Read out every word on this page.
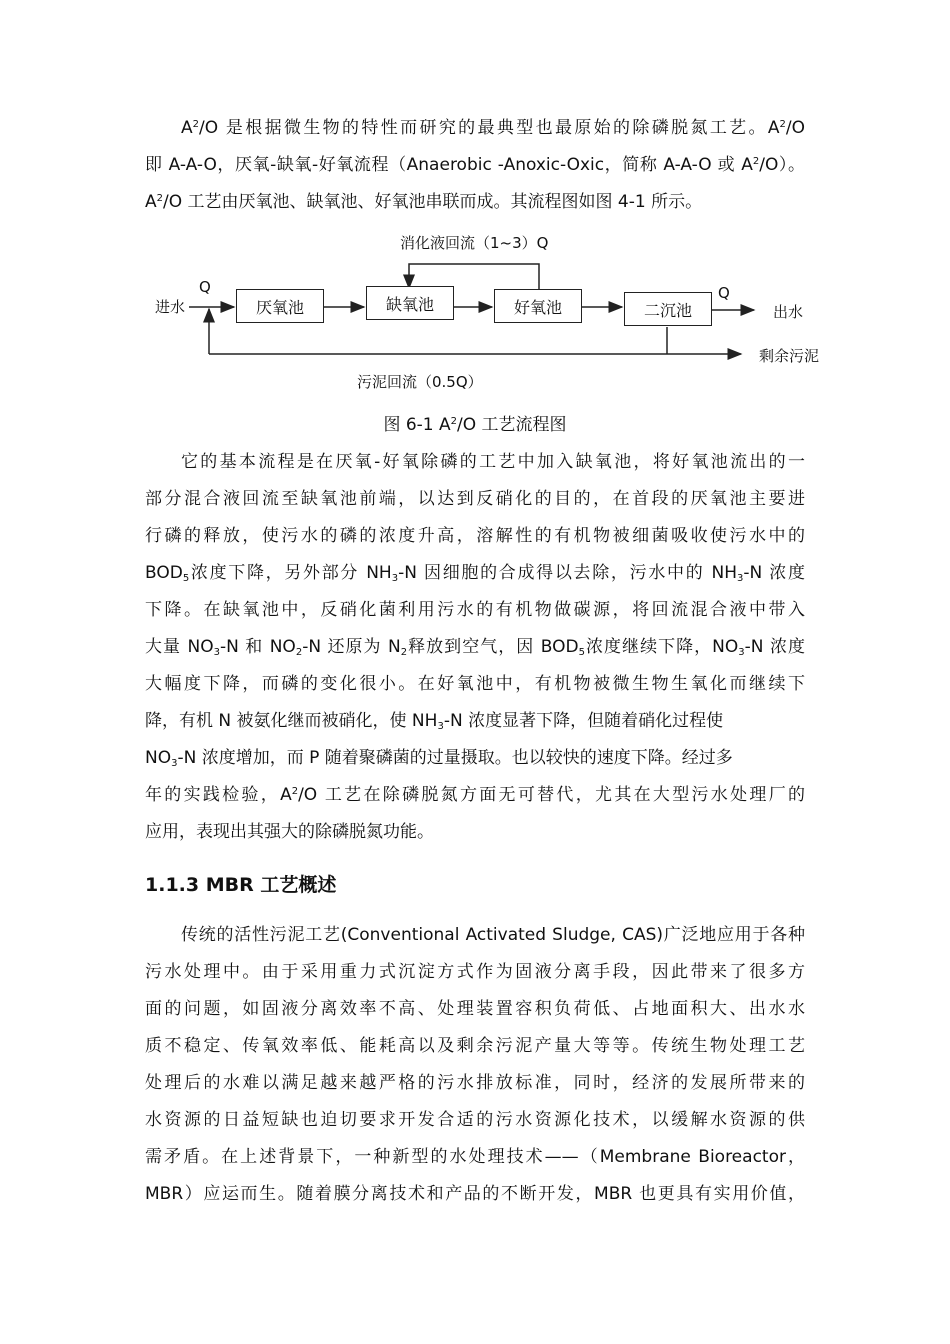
$A^2/O$ 是根据微生物的特性而研究的最典型也最原始的除磷脱氮工艺。$A^2/O$
即 A-A-O，厌氧-缺氧-好氧流程（Anaerobic -Anoxic-Oxic，简称 A-A-O 或 $A^2/O$）。
$A^2/O$ 工艺由厌氧池、缺氧池、好氧池串联而成。其流程图如图 4-1 所示。
消化液回流（1~3）Q
进水
Q
厌氧池	缺氧池	好氧池	二沉池
Q
出水
剩余污泥
污泥回流（0.5Q）
图 6-1 $A^2/O$ 工艺流程图
它的基本流程是在厌氧-好氧除磷的工艺中加入缺氧池，将好氧池流出的一
部分混合液回流至缺氧池前端，以达到反硝化的目的，在首段的厌氧池主要进
行磷的释放，使污水的磷的浓度升高，溶解性的有机物被细菌吸收使污水中的
$BOD_5$浓度下降，另外部分 $NH_3-N$ 因细胞的合成得以去除，污水中的 $NH_3-N$ 浓度
下降。在缺氧池中，反硝化菌利用污水的有机物做碳源，将回流混合液中带入
大量 $NO_3-N$ 和 $NO_2-N$ 还原为 $N_2$释放到空气，因 $BOD_5$浓度继续下降，$NO_3-N$ 浓度
大幅度下降，而磷的变化很小。在好氧池中，有机物被微生物生氧化而继续下
降，有机 N 被氨化继而被硝化，使 $NH_3-N$ 浓度显著下降，但随着硝化过程使
$NO_3-N$ 浓度增加，而 P 随着聚磷菌的过量摄取。也以较快的速度下降。经过多
年的实践检验，$A^2/O$ 工艺在除磷脱氮方面无可替代，尤其在大型污水处理厂的
应用，表现出其强大的除磷脱氮功能。
1.1.3 MBR 工艺概述
传统的活性污泥工艺(Conventional Activated Sludge, CAS)广泛地应用于各种
污水处理中。由于采用重力式沉淀方式作为固液分离手段，因此带来了很多方
面的问题，如固液分离效率不高、处理装置容积负荷低、占地面积大、出水水
质不稳定、传氧效率低、能耗高以及剩余污泥产量大等等。传统生物处理工艺
处理后的水难以满足越来越严格的污水排放标准，同时，经济的发展所带来的
水资源的日益短缺也迫切要求开发合适的污水资源化技术，以缓解水资源的供
需矛盾。在上述背景下，一种新型的水处理技术——（Membrane Bioreactor，
MBR）应运而生。随着膜分离技术和产品的不断开发，MBR 也更具有实用价值，
